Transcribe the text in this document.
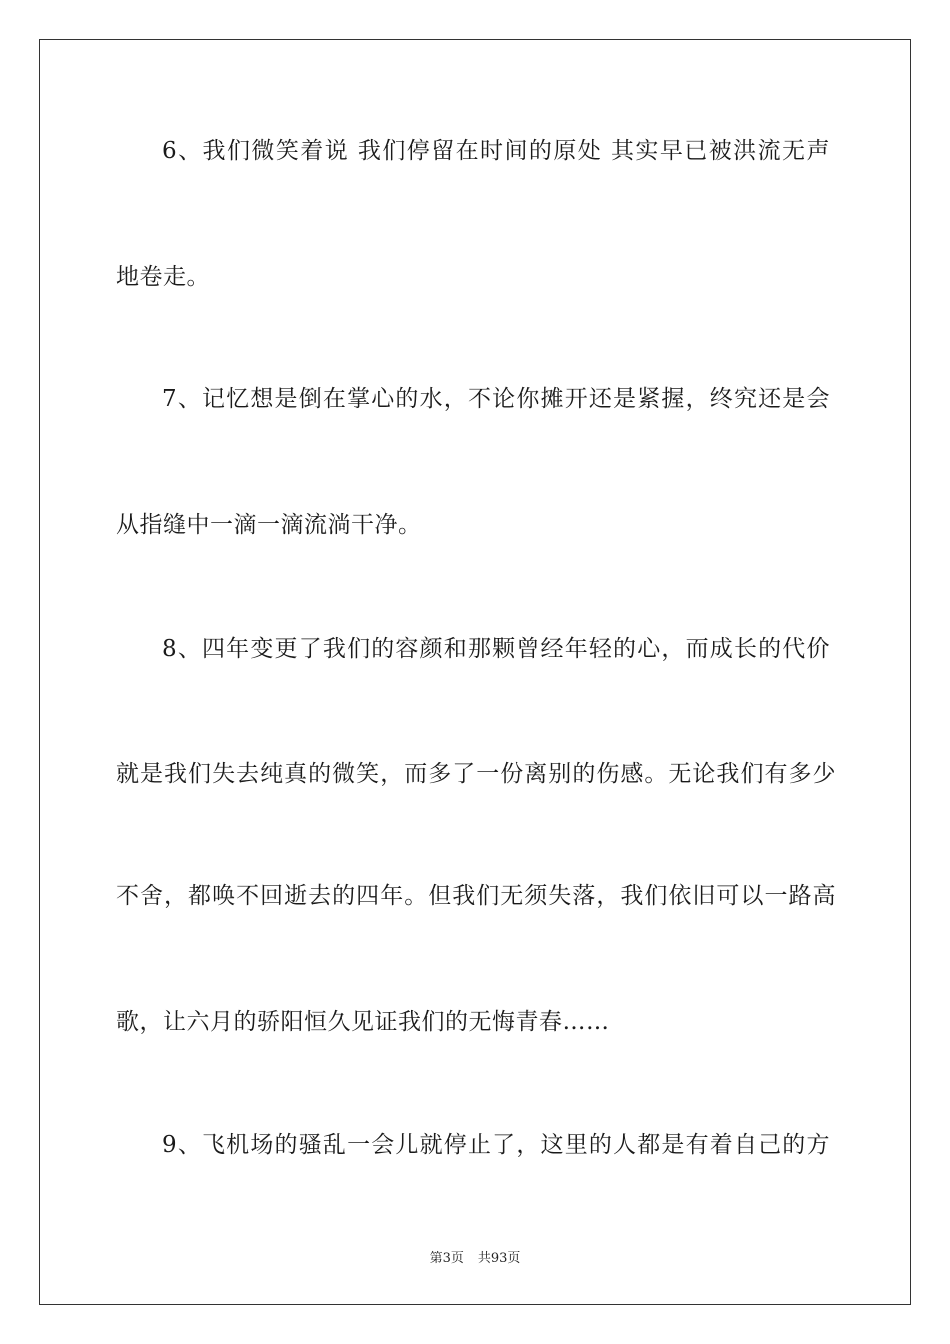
6、我们微笑着说 我们停留在时间的原处 其实早已被洪流无声
地卷走。
7、记忆想是倒在掌心的水，不论你摊开还是紧握，终究还是会
从指缝中一滴一滴流淌干净。
8、四年变更了我们的容颜和那颗曾经年轻的心，而成长的代价
就是我们失去纯真的微笑，而多了一份离别的伤感。无论我们有多少
不舍，都唤不回逝去的四年。但我们无须失落，我们依旧可以一路高
歌，让六月的骄阳恒久见证我们的无悔青春……
9、飞机场的骚乱一会儿就停止了，这里的人都是有着自己的方
第3页 共93页
